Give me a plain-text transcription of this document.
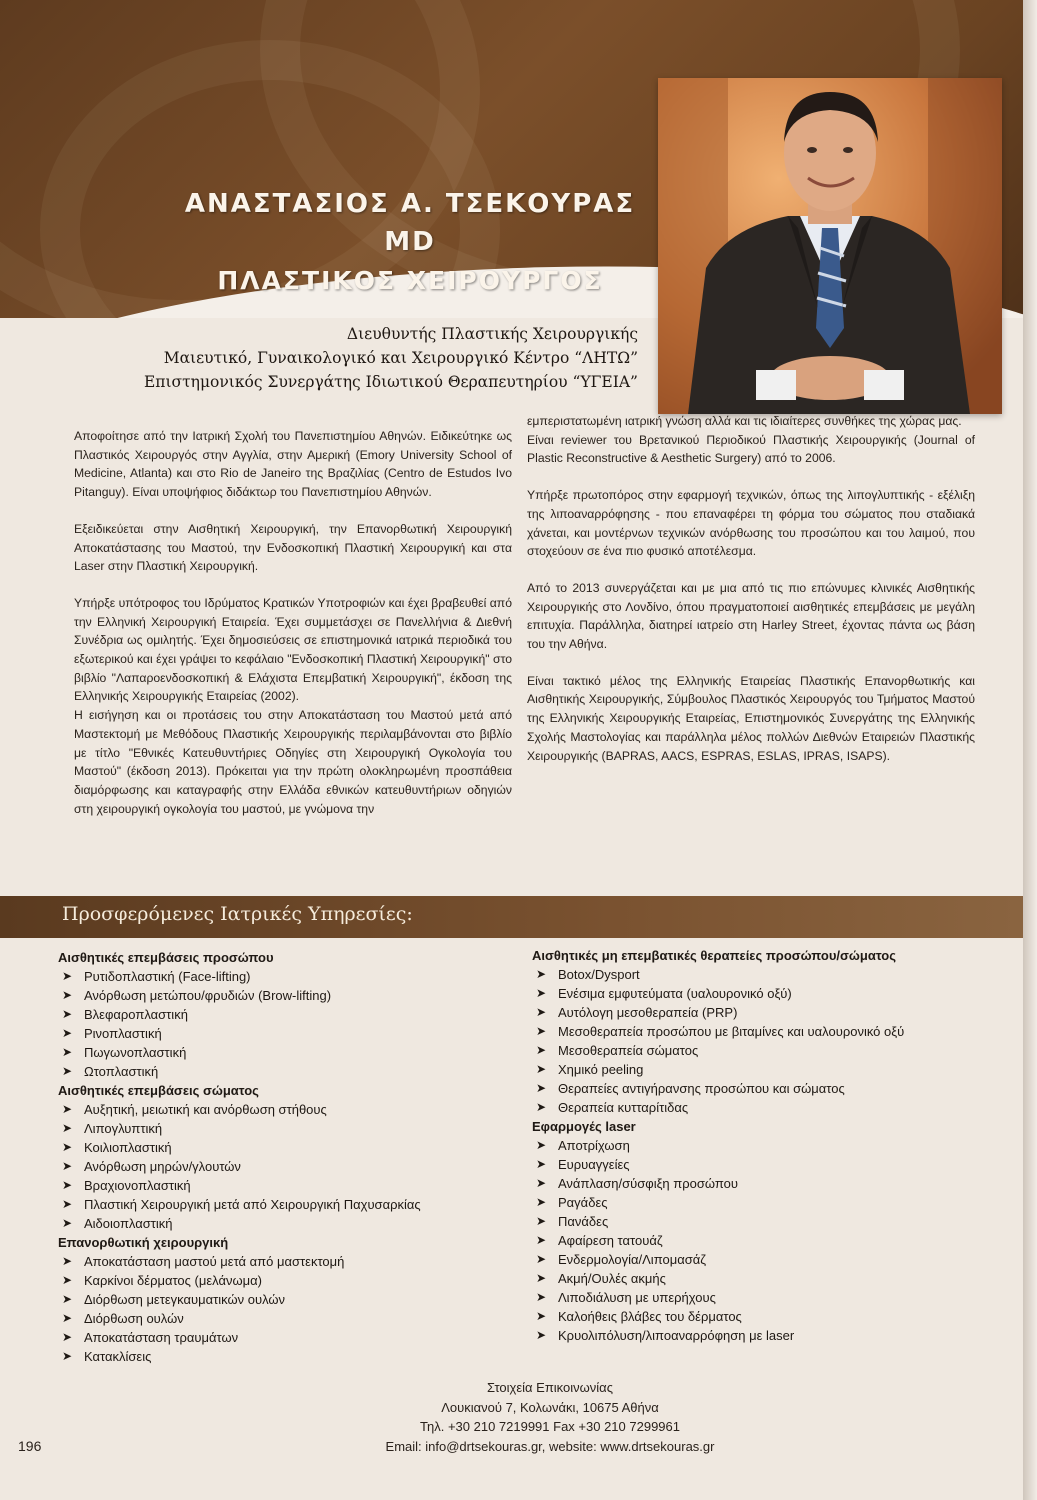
ΑΝΑΣΤΑΣΙΟΣ Α. ΤΣΕΚΟΥΡΑΣ MD
ΠΛΑΣΤΙΚΟΣ ΧΕΙΡΟΥΡΓΟΣ
Διευθυντής Πλαστικής Χειρουργικής
Μαιευτικό, Γυναικολογικό και Χειρουργικό Κέντρο “ΛΗΤΩ”
Επιστημονικός Συνεργάτης Ιδιωτικού Θεραπευτηρίου “ΥΓΕΙΑ”

Αποφοίτησε από την Ιατρική Σχολή του Πανεπιστημίου Αθηνών. Ειδικεύτηκε ως Πλαστικός Χειρουργός στην Αγγλία, στην Αμερική (Emory University School of Medicine, Atlanta) και στο Rio de Janeiro της Βραζιλίας (Centro de Estudos Ivo Pitanguy). Είναι υποψήφιος διδάκτωρ του Πανεπιστημίου Αθηνών.

Εξειδικεύεται στην Αισθητική Χειρουργική, την Επανορθωτική Χειρουργική Αποκατάστασης του Μαστού, την Ενδοσκοπική Πλαστική Χειρουργική και στα Laser στην Πλαστική Χειρουργική.

Υπήρξε υπότροφος του Ιδρύματος Κρατικών Υποτροφιών και έχει βραβευθεί από την Ελληνική Χειρουργική Εταιρεία. Έχει συμμετάσχει σε Πανελλήνια & Διεθνή Συνέδρια ως ομιλητής. Έχει δημοσιεύσεις σε επιστημονικά ιατρικά περιοδικά του εξωτερικού και έχει γράψει το κεφάλαιο "Ενδοσκοπική Πλαστική Χειρουργική" στο βιβλίο "Λαπαροενδοσκοπική & Ελάχιστα Επεμβατική Χειρουργική", έκδοση της Ελληνικής Χειρουργικής Εταιρείας (2002).

Η εισήγηση και οι προτάσεις του στην Αποκατάσταση του Μαστού μετά από Μαστεκτομή με Μεθόδους Πλαστικής Χειρουργικής περιλαμβάνονται στο βιβλίο με τίτλο "Εθνικές Κατευθυντήριες Οδηγίες στη Χειρουργική Ογκολογία του Μαστού" (έκδοση 2013). Πρόκειται για την πρώτη ολοκληρωμένη προσπάθεια διαμόρφωσης και καταγραφής στην Ελλάδα εθνικών κατευθυντήριων οδηγιών στη χειρουργική ογκολογία του μαστού, με γνώμονα την

εμπεριστατωμένη ιατρική γνώση αλλά και τις ιδιαίτερες συνθήκες της χώρας μας.

Είναι reviewer του Βρετανικού Περιοδικού Πλαστικής Χειρουργικής (Journal of Plastic Reconstructive & Aesthetic Surgery) από το 2006.

Υπήρξε πρωτοπόρος στην εφαρμογή τεχνικών, όπως της λιπογλυπτικής - εξέλιξη της λιποαναρρόφησης - που επαναφέρει τη φόρμα του σώματος που σταδιακά χάνεται, και μοντέρνων τεχνικών ανόρθωσης του προσώπου και του λαιμού, που στοχεύουν σε ένα πιο φυσικό αποτέλεσμα.

Από το 2013 συνεργάζεται και με μια από τις πιο επώνυμες κλινικές Αισθητικής Χειρουργικής στο Λονδίνο, όπου πραγματοποιεί αισθητικές επεμβάσεις με μεγάλη επιτυχία. Παράλληλα, διατηρεί ιατρείο στη Harley Street, έχοντας πάντα ως βάση του την Αθήνα.

Είναι τακτικό μέλος της Ελληνικής Εταιρείας Πλαστικής Επανορθωτικής και Αισθητικής Χειρουργικής, Σύμβουλος Πλαστικός Χειρουργός του Τμήματος Μαστού της Ελληνικής Χειρουργικής Εταιρείας, Επιστημονικός Συνεργάτης της Ελληνικής Σχολής Μαστολογίας και παράλληλα μέλος πολλών Διεθνών Εταιρειών Πλαστικής Χειρουργικής (BAPRAS, AACS, ESPRAS, ESLAS, IPRAS, ISAPS).

Προσφερόμενες Ιατρικές Υπηρεσίες:
Αισθητικές επεμβάσεις προσώπου
➤ Ρυτιδοπλαστική (Face-lifting)
➤ Ανόρθωση μετώπου/φρυδιών (Brow-lifting)
➤ Βλεφαροπλαστική
➤ Ρινοπλαστική
➤ Πωγωνοπλαστική
➤ Ωτοπλαστική
Αισθητικές επεμβάσεις σώματος
➤ Αυξητική, μειωτική και ανόρθωση στήθους
➤ Λιπογλυπτική
➤ Κοιλιοπλαστική
➤ Ανόρθωση μηρών/γλουτών
➤ Βραχιονοπλαστική
➤ Πλαστική Χειρουργική μετά από Χειρουργική Παχυσαρκίας
➤ Αιδοιοπλαστική
Επανορθωτική χειρουργική
➤ Αποκατάσταση μαστού μετά από μαστεκτομή
➤ Καρκίνοι δέρματος (μελάνωμα)
➤ Διόρθωση μετεγκαυματικών ουλών
➤ Διόρθωση ουλών
➤ Αποκατάσταση τραυμάτων
➤ Κατακλίσεις
Αισθητικές μη επεμβατικές θεραπείες προσώπου/σώματος
➤ Botox/Dysport
➤ Ενέσιμα εμφυτεύματα (υαλουρονικό οξύ)
➤ Αυτόλογη μεσοθεραπεία (PRP)
➤ Μεσοθεραπεία προσώπου με βιταμίνες και υαλουρονικό οξύ
➤ Μεσοθεραπεία σώματος
➤ Χημικό peeling
➤ Θεραπείες αντιγήρανσης προσώπου και σώματος
➤ Θεραπεία κυτταρίτιδας
Εφαρμογές laser
➤ Αποτρίχωση
➤ Ευρυαγγείες
➤ Ανάπλαση/σύσφιξη προσώπου
➤ Ραγάδες
➤ Πανάδες
➤ Αφαίρεση τατουάζ
➤ Ενδερμολογία/Λιπομασάζ
➤ Ακμή/Ουλές ακμής
➤ Λιποδιάλυση με υπερήχους
➤ Καλοήθεις βλάβες του δέρματος
➤ Κρυολιπόλυση/λιποαναρρόφηση με laser
Στοιχεία Επικοινωνίας
Λουκιανού 7, Κολωνάκι, 10675 Αθήνα
Τηλ. +30 210 7219991 Fax +30 210 7299961
Email: info@drtsekouras.gr, website: www.drtsekouras.gr
196
